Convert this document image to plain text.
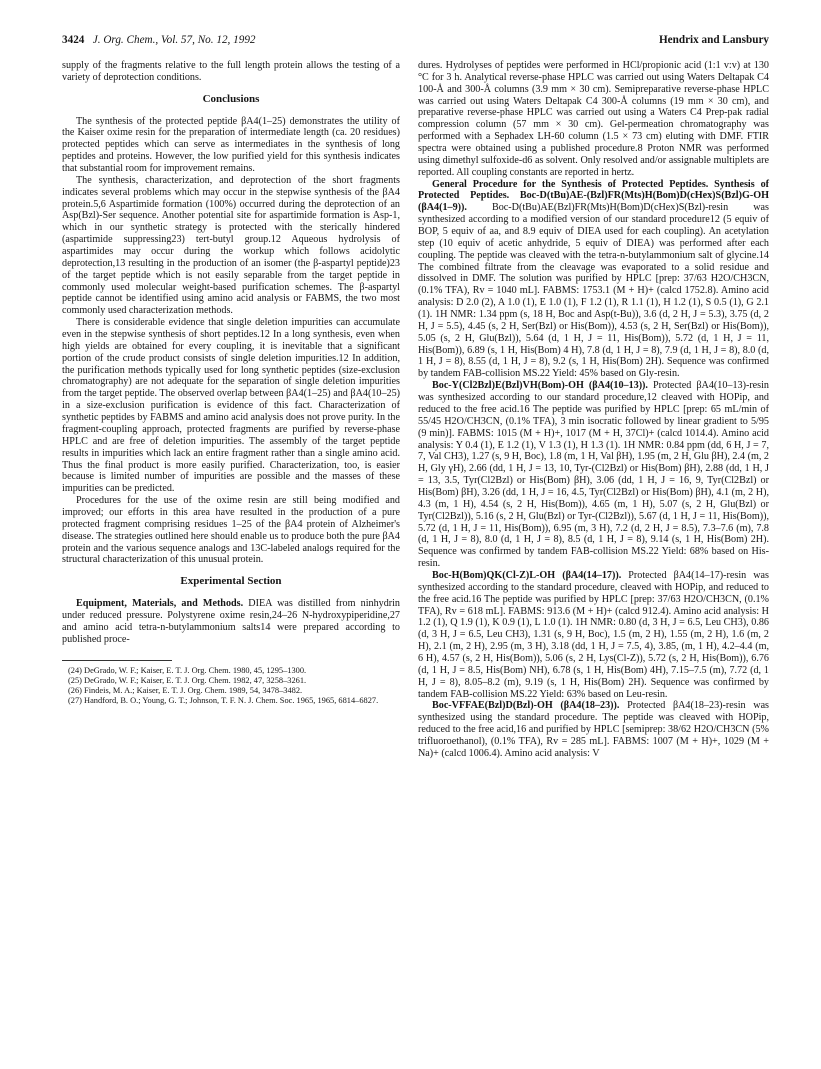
3424 J. Org. Chem., Vol. 57, No. 12, 1992	Hendrix and Lansbury

supply of the fragments relative to the full length protein allows the testing of a variety of deprotection conditions.

Conclusions

The synthesis of the protected peptide βA4(1–25) demonstrates the utility of the Kaiser oxime resin for the preparation of intermediate length (ca. 20 residues) protected peptides which can serve as intermediates in the synthesis of long peptides and proteins. However, the low purified yield for this synthesis indicates that substantial room for improvement remains.

The synthesis, characterization, and deprotection of the short fragments indicates several problems which may occur in the stepwise synthesis of the βA4 protein.5,6 Aspartimide formation (100%) occurred during the deprotection of an Asp(Bzl)-Ser sequence. Another potential site for aspartimide formation is Asp-1, which in our synthetic strategy is protected with the sterically hindered (aspartimide suppressing23) tert-butyl group.12 Aqueous hydrolysis of aspartimides may occur during the workup which follows acidolytic deprotection,13 resulting in the production of an isomer (the β-aspartyl peptide)23 of the target peptide which is not easily separable from the target peptide in commonly used molecular weight-based purification schemes. The β-aspartyl peptide cannot be identified using amino acid analysis or FABMS, the two most commonly used characterization methods.

There is considerable evidence that single deletion impurities can accumulate even in the stepwise synthesis of short peptides.12 In a long synthesis, even when high yields are obtained for every coupling, it is inevitable that a significant portion of the crude product consists of single deletion impurities.12 In addition, the purification methods typically used for long synthetic peptides (size-exclusion chromatography) are not adequate for the separation of single deletion impurities from the target peptide. The observed overlap between βA4(1–25) and βA4(10–25) in a size-exclusion purification is evidence of this fact. Characterization of synthetic peptides by FABMS and amino acid analysis does not prove purity. In the fragment-coupling approach, protected fragments are purified by reverse-phase HPLC and are free of deletion impurities. The assembly of the target peptide results in impurities which lack an entire fragment rather than a single amino acid. Thus the final product is more easily purified. Characterization, too, is easier because is limited number of impurities are possible and the masses of these impurities can be predicted.

Procedures for the use of the oxime resin are still being modified and improved; our efforts in this area have resulted in the production of a pure protected fragment comprising residues 1–25 of the βA4 protein of Alzheimer's disease. The strategies outlined here should enable us to produce both the pure βA4 protein and the various sequence analogs and 13C-labeled analogs required for the structural characterization of this unusual protein.

Experimental Section

Equipment, Materials, and Methods. DIEA was distilled from ninhydrin under reduced pressure. Polystyrene oxime resin,24–26 N-hydroxypiperidine,27 and amino acid tetra-n-butylammonium salts14 were prepared according to published proce-

(24) DeGrado, W. F.; Kaiser, E. T. J. Org. Chem. 1980, 45, 1295–1300.

(25) DeGrado, W. F.; Kaiser, E. T. J. Org. Chem. 1982, 47, 3258–3261.

(26) Findeis, M. A.; Kaiser, E. T. J. Org. Chem. 1989, 54, 3478–3482.

(27) Handford, B. O.; Young, G. T.; Johnson, T. F. N. J. Chem. Soc. 1965, 1965, 6814–6827.

dures. Hydrolyses of peptides were performed in HCl/propionic acid (1:1 v:v) at 130 °C for 3 h. Analytical reverse-phase HPLC was carried out using Waters Deltapak C4 100-Å and 300-Å columns (3.9 mm × 30 cm). Semipreparative reverse-phase HPLC was carried out using Waters Deltapak C4 300-Å columns (19 mm × 30 cm), and preparative reverse-phase HPLC was carried out using a Waters C4 Prep-pak radial compression column (57 mm × 30 cm). Gel-permeation chromatography was performed with a Sephadex LH-60 column (1.5 × 73 cm) eluting with DMF. FTIR spectra were obtained using a published procedure.8 Proton NMR was performed using dimethyl sulfoxide-d6 as solvent. Only resolved and/or assignable multiplets are reported. All coupling constants are reported in hertz.

General Procedure for the Synthesis of Protected Peptides. Synthesis of Protected Peptides. Boc-D(tBu)AE-(Bzl)FR(Mts)H(Bom)D(cHex)S(Bzl)G-OH (βA4(1–9)). Boc-D(tBu)AE(Bzl)FR(Mts)H(Bom)D(cHex)S(Bzl)-resin was synthesized according to a modified version of our standard procedure12 (5 equiv of BOP, 5 equiv of aa, and 8.9 equiv of DIEA used for each coupling). An acetylation step (10 equiv of acetic anhydride, 5 equiv of DIEA) was performed after each coupling. The peptide was cleaved with the tetra-n-butylammonium salt of glycine.14 The combined filtrate from the cleavage was evaporated to a solid residue and dissolved in DMF. The solution was purified by HPLC [prep: 37/63 H2O/CH3CN, (0.1% TFA), Rv = 1040 mL]. FABMS: 1753.1 (M + H)+ (calcd 1752.8). Amino acid analysis: D 2.0 (2), A 1.0 (1), E 1.0 (1), F 1.2 (1), R 1.1 (1), H 1.2 (1), S 0.5 (1), G 2.1 (1). 1H NMR: 1.34 ppm (s, 18 H, Boc and Asp(t-Bu)), 3.6 (d, 2 H, J = 5.3), 3.75 (d, 2 H, J = 5.5), 4.45 (s, 2 H, Ser(Bzl) or His(Bom)), 4.53 (s, 2 H, Ser(Bzl) or His(Bom)), 5.05 (s, 2 H, Glu(Bzl)), 5.64 (d, 1 H, J = 11, His(Bom)), 5.72 (d, 1 H, J = 11, His(Bom)), 6.89 (s, 1 H, His(Bom) 4 H), 7.8 (d, 1 H, J = 8), 7.9 (d, 1 H, J = 8), 8.0 (d, 1 H, J = 8), 8.55 (d, 1 H, J = 8), 9.2 (s, 1 H, His(Bom) 2H). Sequence was confirmed by tandem FAB-collision MS.22 Yield: 45% based on Gly-resin.

Boc-Y(Cl2Bzl)E(Bzl)VH(Bom)-OH (βA4(10–13)). Protected βA4(10–13)-resin was synthesized according to our standard procedure,12 cleaved with HOPip, and reduced to the free acid.16 The peptide was purified by HPLC [prep: 65 mL/min of 55/45 H2O/CH3CN, (0.1% TFA), 3 min isocratic followed by linear gradient to 5/95 (9 min)]. FABMS: 1015 (M + H)+, 1017 (M + H, 37Cl)+ (calcd 1014.4). Amino acid analysis: Y 0.4 (1), E 1.2 (1), V 1.3 (1), H 1.3 (1). 1H NMR: 0.84 ppm (dd, 6 H, J = 7, 7, Val CH3), 1.27 (s, 9 H, Boc), 1.8 (m, 1 H, Val βH), 1.95 (m, 2 H, Glu βH), 2.4 (m, 2 H, Gly γH), 2.66 (dd, 1 H, J = 13, 10, Tyr-(Cl2Bzl) or His(Bom) βH), 2.88 (dd, 1 H, J = 13, 3.5, Tyr(Cl2Bzl) or His(Bom) βH), 3.06 (dd, 1 H, J = 16, 9, Tyr(Cl2Bzl) or His(Bom) βH), 3.26 (dd, 1 H, J = 16, 4.5, Tyr(Cl2Bzl) or His(Bom) βH), 4.1 (m, 2 H), 4.3 (m, 1 H), 4.54 (s, 2 H, His(Bom)), 4.65 (m, 1 H), 5.07 (s, 2 H, Glu(Bzl) or Tyr(Cl2Bzl)), 5.16 (s, 2 H, Glu(Bzl) or Tyr-(Cl2Bzl)), 5.67 (d, 1 H, J = 11, His(Bom)), 5.72 (d, 1 H, J = 11, His(Bom)), 6.95 (m, 3 H), 7.2 (d, 2 H, J = 8.5), 7.3–7.6 (m), 7.8 (d, 1 H, J = 8), 8.0 (d, 1 H, J = 8), 8.5 (d, 1 H, J = 8), 9.14 (s, 1 H, His(Bom) 2H). Sequence was confirmed by tandem FAB-collision MS.22 Yield: 68% based on His-resin.

Boc-H(Bom)QK(Cl-Z)L-OH (βA4(14–17)). Protected βA4(14–17)-resin was synthesized according to the standard procedure, cleaved with HOPip, and reduced to the free acid.16 The peptide was purified by HPLC [prep: 37/63 H2O/CH3CN, (0.1% TFA), Rv = 618 mL]. FABMS: 913.6 (M + H)+ (calcd 912.4). Amino acid analysis: H 1.2 (1), Q 1.9 (1), K 0.9 (1), L 1.0 (1). 1H NMR: 0.80 (d, 3 H, J = 6.5, Leu CH3), 0.86 (d, 3 H, J = 6.5, Leu CH3), 1.31 (s, 9 H, Boc), 1.5 (m, 2 H), 1.55 (m, 2 H), 1.6 (m, 2 H), 2.1 (m, 2 H), 2.95 (m, 3 H), 3.18 (dd, 1 H, J = 7.5, 4), 3.85, (m, 1 H), 4.2–4.4 (m, 6 H), 4.57 (s, 2 H, His(Bom)), 5.06 (s, 2 H, Lys(Cl-Z)), 5.72 (s, 2 H, His(Bom)), 6.76 (d, 1 H, J = 8.5, His(Bom) NH), 6.78 (s, 1 H, His(Bom) 4H), 7.15–7.5 (m), 7.72 (d, 1 H, J = 8), 8.05–8.2 (m), 9.19 (s, 1 H, His(Bom) 2H). Sequence was confirmed by tandem FAB-collision MS.22 Yield: 63% based on Leu-resin.

Boc-VFFAE(Bzl)D(Bzl)-OH (βA4(18–23)). Protected βA4(18–23)-resin was synthesized using the standard procedure. The peptide was cleaved with HOPip, reduced to the free acid,16 and purified by HPLC [semiprep: 38/62 H2O/CH3CN (5% trifluoroethanol), (0.1% TFA), Rv = 285 mL]. FABMS: 1007 (M + H)+, 1029 (M + Na)+ (calcd 1006.4). Amino acid analysis: V
